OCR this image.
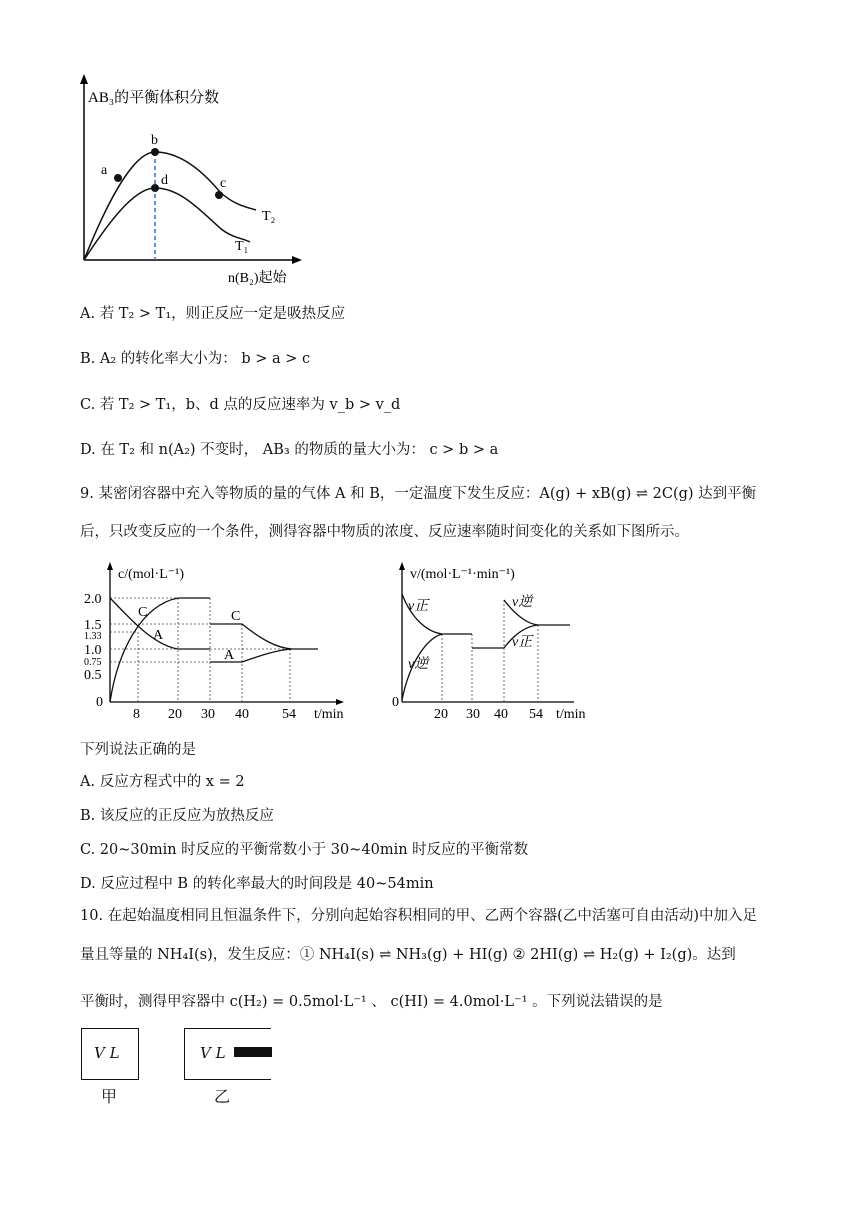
AB₃的平衡体积分数
n(B₂)起始
a
b
c
d
T₂
T₁
A. 若 T₂ > T₁，则正反应一定是吸热反应
B. A₂ 的转化率大小为： b > a > c
C. 若 T₂ > T₁，b、d 点的反应速率为 v_b > v_d
D. 在 T₂ 和 n(A₂) 不变时， AB₃ 的物质的量大小为： c > b > a
9. 某密闭容器中充入等物质的量的气体 A 和 B，一定温度下发生反应：A(g) + xB(g) ⇌ 2C(g) 达到平衡
后，只改变反应的一个条件，测得容器中物质的浓度、反应速率随时间变化的关系如下图所示。
c/(mol·L⁻¹)
t/min
2.0
1.5
1.33
1.0
0.75
0.5
0
8 20 30 40 54
C
A
C
A
v/(mol·L⁻¹·min⁻¹)
t/min
0
20 30 40 54
v正
v逆
v逆
v正
下列说法正确的是
A. 反应方程式中的 x = 2
B. 该反应的正反应为放热反应
C. 20~30min 时反应的平衡常数小于 30~40min 时反应的平衡常数
D. 反应过程中 B 的转化率最大的时间段是 40~54min
10. 在起始温度相同且恒温条件下，分别向起始容积相同的甲、乙两个容器(乙中活塞可自由活动)中加入足
量且等量的 NH₄I(s)，发生反应：① NH₄I(s) ⇌ NH₃(g) + HI(g) ② 2HI(g) ⇌ H₂(g) + I₂(g)。达到
平衡时，测得甲容器中 c(H₂) = 0.5mol·L⁻¹ 、 c(HI) = 4.0mol·L⁻¹ 。下列说法错误的是
V L
甲
V L
乙
